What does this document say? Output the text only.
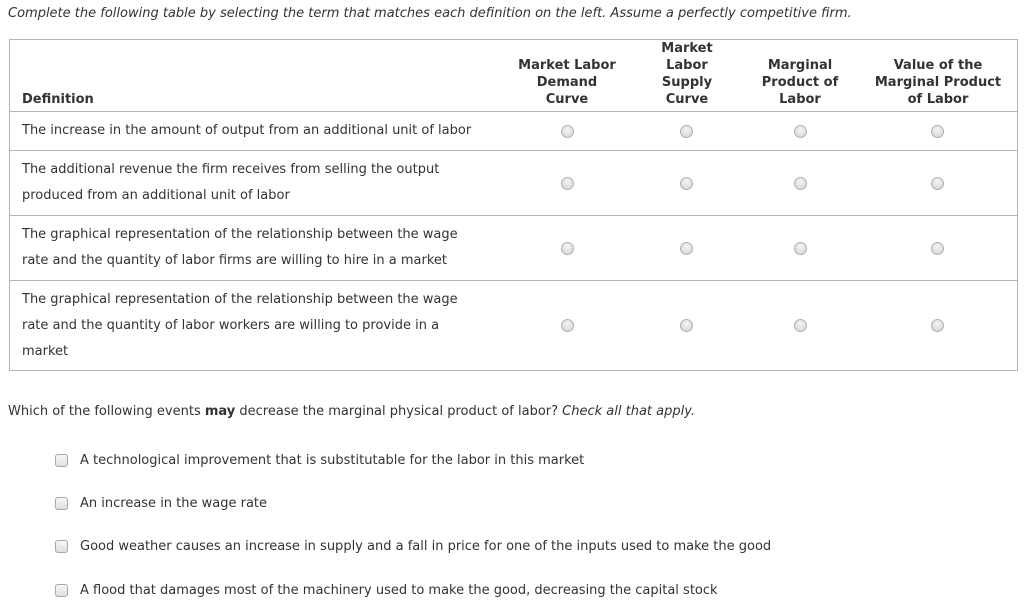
Complete the following table by selecting the term that matches each definition on the left. Assume a perfectly competitive firm.
Definition
Market Labor
Demand
Curve
Market
Labor
Supply
Curve
Marginal
Product of
Labor
Value of the
Marginal Product
of Labor
The increase in the amount of output from an additional unit of labor
The additional revenue the firm receives from selling the output
produced from an additional unit of labor
The graphical representation of the relationship between the wage
rate and the quantity of labor firms are willing to hire in a market
The graphical representation of the relationship between the wage
rate and the quantity of labor workers are willing to provide in a
market
Which of the following events may decrease the marginal physical product of labor? Check all that apply.
A technological improvement that is substitutable for the labor in this market
An increase in the wage rate
Good weather causes an increase in supply and a fall in price for one of the inputs used to make the good
A flood that damages most of the machinery used to make the good, decreasing the capital stock
